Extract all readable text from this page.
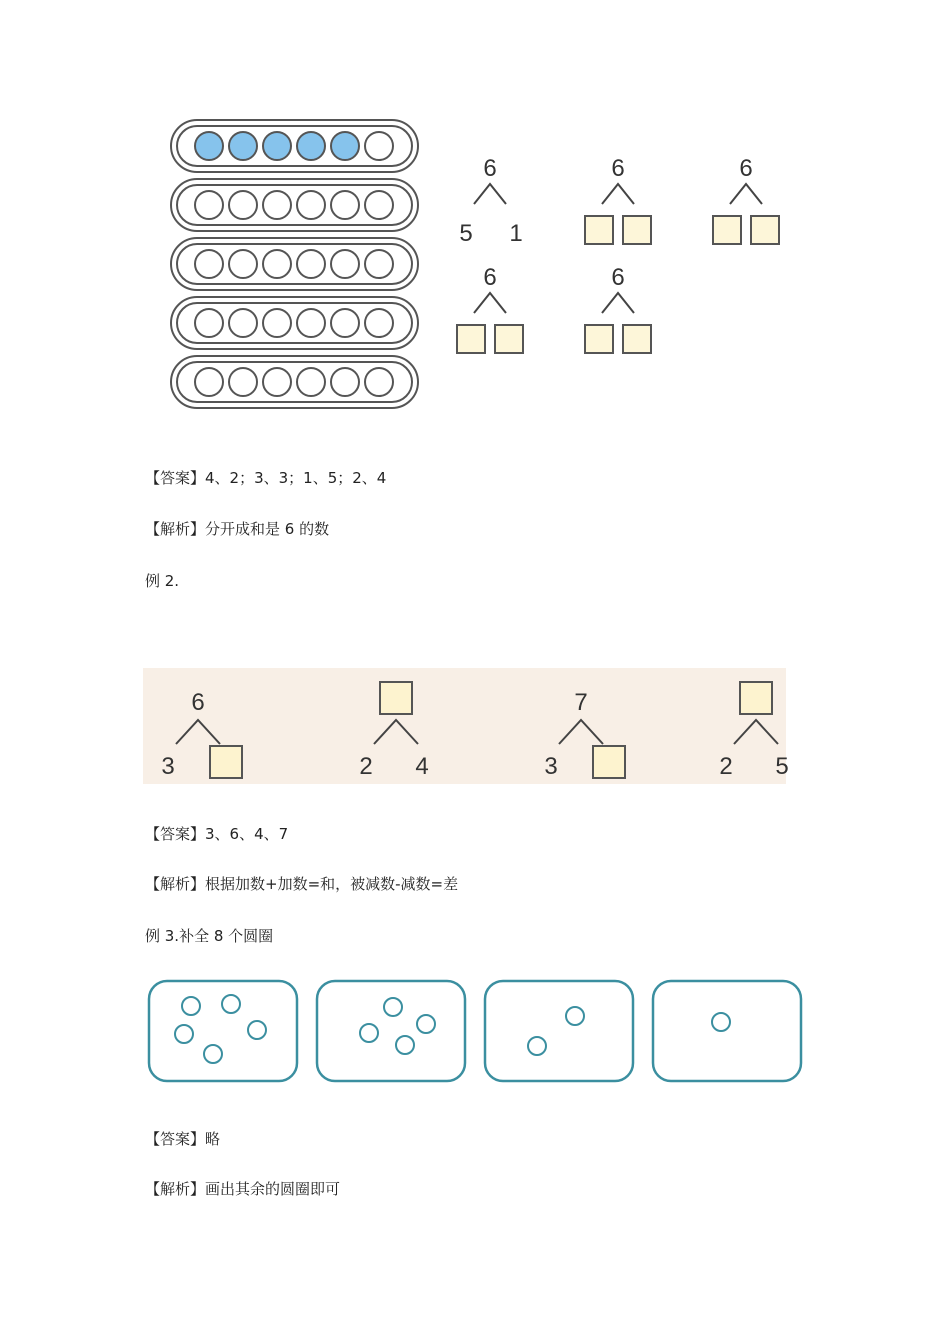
6
5 1
6	6
6	6
【答案】4、2；3、3；1、5；2、4
【解析】分开成和是 6 的数
例 2.
6
3	2 4
7
3	2 5
【答案】3、6、4、7
【解析】根据加数+加数=和，被减数-减数=差
例 3.补全 8 个圆圈
【答案】略
【解析】画出其余的圆圈即可
